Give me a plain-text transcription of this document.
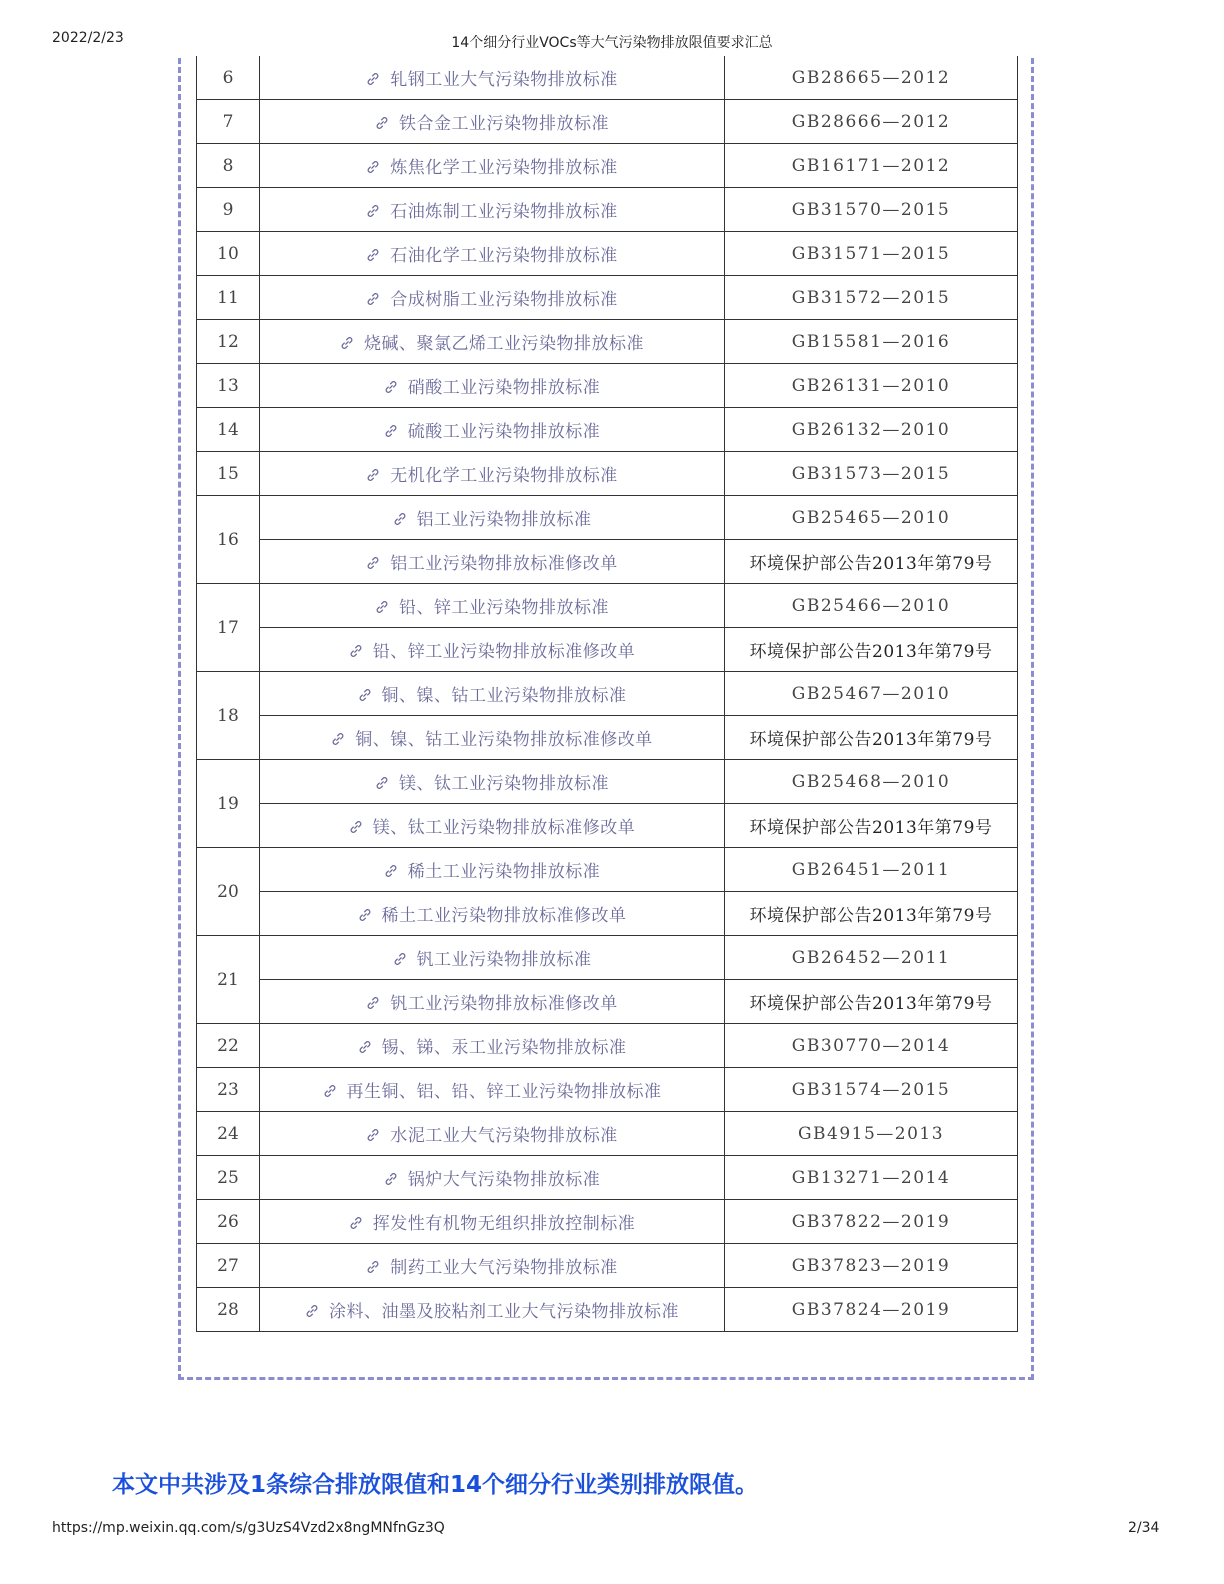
2022/2/23	14个细分行业VOCs等大气污染物排放限值要求汇总
6	轧钢工业大气污染物排放标准	GB28665—2012
7	铁合金工业污染物排放标准	GB28666—2012
8	炼焦化学工业污染物排放标准	GB16171—2012
9	石油炼制工业污染物排放标准	GB31570—2015
10	石油化学工业污染物排放标准	GB31571—2015
11	合成树脂工业污染物排放标准	GB31572—2015
12	烧碱、聚氯乙烯工业污染物排放标准	GB15581—2016
13	硝酸工业污染物排放标准	GB26131—2010
14	硫酸工业污染物排放标准	GB26132—2010
15	无机化学工业污染物排放标准	GB31573—2015
16	铝工业污染物排放标准	GB25465—2010
	铝工业污染物排放标准修改单	环境保护部公告2013年第79号
17	铅、锌工业污染物排放标准	GB25466—2010
	铅、锌工业污染物排放标准修改单	环境保护部公告2013年第79号
18	铜、镍、钴工业污染物排放标准	GB25467—2010
	铜、镍、钴工业污染物排放标准修改单	环境保护部公告2013年第79号
19	镁、钛工业污染物排放标准	GB25468—2010
	镁、钛工业污染物排放标准修改单	环境保护部公告2013年第79号
20	稀土工业污染物排放标准	GB26451—2011
	稀土工业污染物排放标准修改单	环境保护部公告2013年第79号
21	钒工业污染物排放标准	GB26452—2011
	钒工业污染物排放标准修改单	环境保护部公告2013年第79号
22	锡、锑、汞工业污染物排放标准	GB30770—2014
23	再生铜、铝、铅、锌工业污染物排放标准	GB31574—2015
24	水泥工业大气污染物排放标准	GB4915—2013
25	锅炉大气污染物排放标准	GB13271—2014
26	挥发性有机物无组织排放控制标准	GB37822—2019
27	制药工业大气污染物排放标准	GB37823—2019
28	涂料、油墨及胶粘剂工业大气污染物排放标准	GB37824—2019
本文中共涉及1条综合排放限值和14个细分行业类别排放限值。
https://mp.weixin.qq.com/s/g3UzS4Vzd2x8ngMNfnGz3Q	2/34
